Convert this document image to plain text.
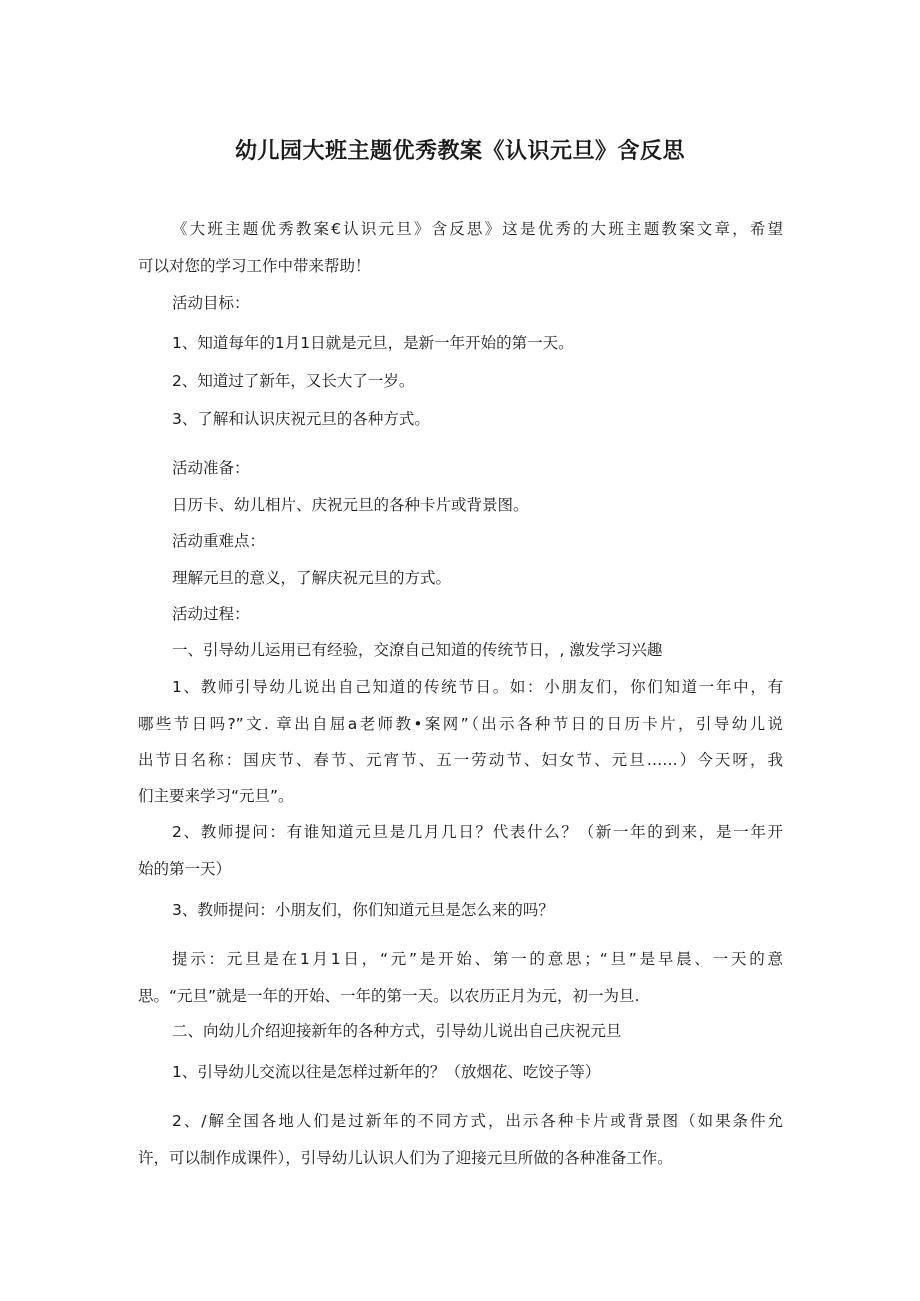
幼儿园大班主题优秀教案《认识元旦》含反思

《大班主题优秀教案€认识元旦》含反思》这是优秀的大班主题教案文章，希望

可以对您的学习工作中带来帮助！

活动目标：

1、知道每年的1月1日就是元旦，是新一年开始的第一天。

2、知道过了新年，又长大了一岁。

3、了解和认识庆祝元旦的各种方式。

活动准备：

日历卡、幼儿相片、庆祝元旦的各种卡片或背景图。

活动重难点：

理解元旦的意义，了解庆祝元旦的方式。

活动过程：

一、引导幼儿运用已有经验，交潦自己知道的传统节日，, 激发学习兴趣

1、教师引导幼儿说出自己知道的传统节日。如：小朋友们，你们知道一年中，有

哪些节日吗?”文. 章出自屈a老师教•案网”（出示各种节日的日历卡片，引导幼儿说

出节日名称：国庆节、春节、元宵节、五一劳动节、妇女节、元旦……）今天呀，我

们主要来学习“元旦”。

2、教师提问：有谁知道元旦是几月几日？代表什么？（新一年的到来，是一年开

始的第一天）

3、教师提问：小朋友们，你们知道元旦是怎么来的吗？

提示：元旦是在1月1日，“元”是开始、第一的意思；“旦”是早晨、一天的意

思。“元旦”就是一年的开始、一年的第一天。以农历正月为元，初一为旦.

二、向幼儿介绍迎接新年的各种方式，引导幼儿说出自己庆祝元旦

1、引导幼儿交流以往是怎样过新年的？（放烟花、吃饺子等）

2、/解全国各地人们是过新年的不同方式，出示各种卡片或背景图（如果条件允

许，可以制作成课件），引导幼儿认识人们为了迎接元旦所做的各种准备工作。
